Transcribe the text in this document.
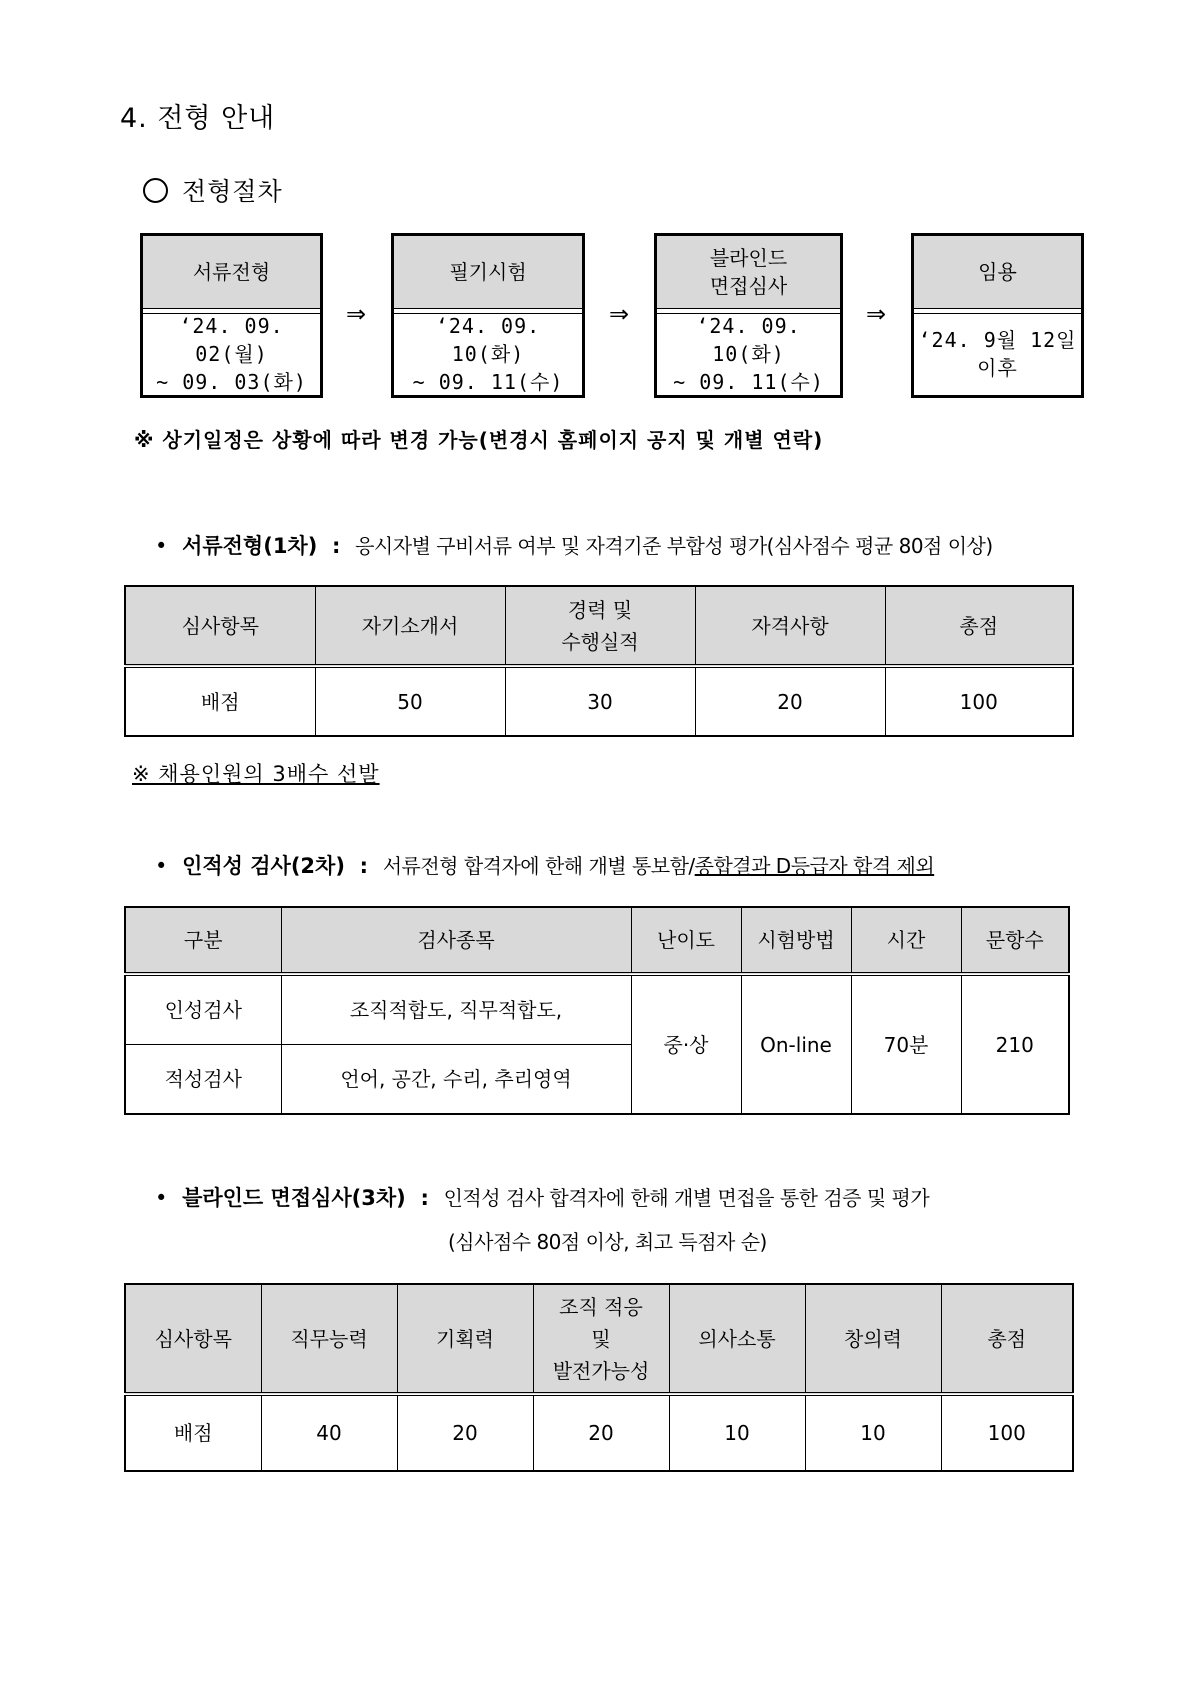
4. 전형 안내
전형절차
서류전형
‘24. 09. 02(월)
~ 09. 03(화)
⇒
필기시험
‘24. 09. 10(화)
~ 09. 11(수)
⇒
블라인드
면접심사
‘24. 09. 10(화)
~ 09. 11(수)
⇒
임용
‘24. 9월 12일
이후
※ 상기일정은 상황에 따라 변경 가능(변경시 홈페이지 공지 및 개별 연락)
• 서류전형(1차) : 응시자별 구비서류 여부 및 자격기준 부합성 평가(심사점수 평균 80점 이상)
심사항목	자기소개서	경력 및
수행실적	자격사항	총점
배점	50	30	20	100
※ 채용인원의 3배수 선발
• 인적성 검사(2차) : 서류전형 합격자에 한해 개별 통보함/종합결과 D등급자 합격 제외
구분	검사종목	난이도	시험방법	시간	문항수
인성검사	조직적합도, 직무적합도,	중·상	On-line	70분	210
적성검사	언어, 공간, 수리, 추리영역				
• 블라인드 면접심사(3차) : 인적성 검사 합격자에 한해 개별 면접을 통한 검증 및 평가
(심사점수 80점 이상, 최고 득점자 순)
심사항목	직무능력	기획력	조직 적응
및
발전가능성	의사소통	창의력	총점
배점	40	20	20	10	10	100
